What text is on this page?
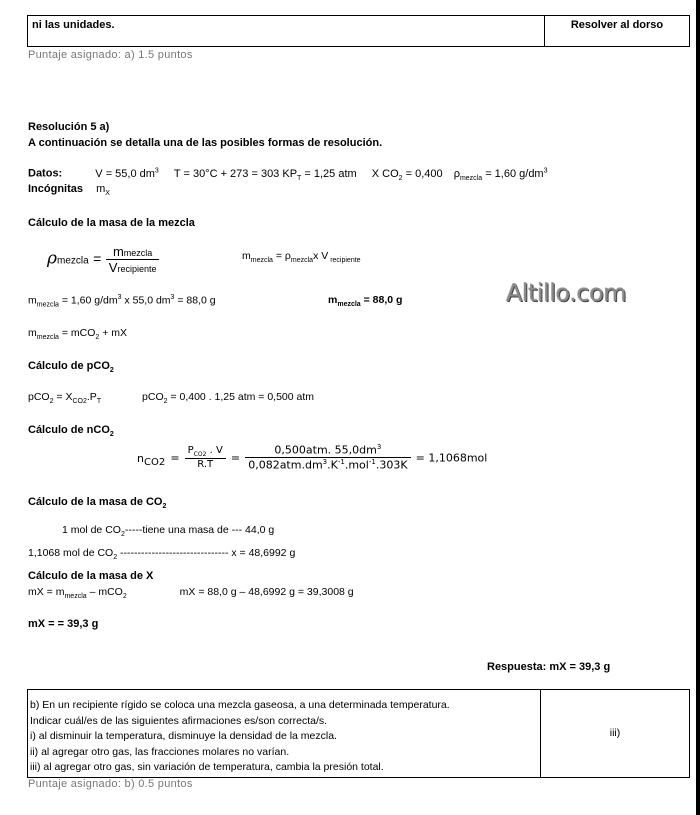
ni las unidades.	Resolver al dorso
Puntaje asignado: a) 1.5 puntos
Resolución 5 a)
A continuación se detalla una de las posibles formas de resolución.
Datos:	V = 55,0 $dm^3$ T = 30°C + 273 = 303 $KP_T = 1,25$ atm X $CO_2 = 0,400$ $\rho_{mezcla} = 1,60$ $g/dm^3$
Incógnitas $m_X$
Cálculo de la masa de la mezcla
ρmezcla = $\frac{\text{mmezcla}}{\text{Vrecipiente}}$	$m_{mezcla} = \rho_{mezcla}x$ V $_{recipiente}$
$m_{mezcla} = 1,60$ $g/dm^3$ x 55,0 $dm^3 = 88,0$ g	$m_{mezcla} = 88,0$ g	Altillo.com
$m_{mezcla} = mCO_2$ + mX
Cálculo de pCO$_2$
$pCO_2 = X_{CO2}.P_T$	pCO$_2$ = 0,400 . 1,25 atm = 0,500 atm
Cálculo de nCO$_2$
$n_{CO2} = \frac{P_{CO2} . V}{R.T} = \frac{0,500atm. 55,0dm^3}{0,082atm.dm^3.K^{-1}.mol^{-1}.303K} = 1,1068mol$
Cálculo de la masa de $CO_2$
1 mol de $CO_2----$-tiene una masa de --- 44,0 g
1,1068 mol de $CO_2$ ------------------------------- x = 48,6992 g
Cálculo de la masa de X
mX = $m_{mezcla} - mCO_2$	mX = 88,0 g – 48,6992 g = 39,3008 g
mX = = 39,3 g
Respuesta: mX = 39,3 g
b) En un recipiente rígido se coloca una mezcla gaseosa, a una determinada temperatura.
Indicar cuál/es de las siguientes afirmaciones es/son correcta/s.
i) al disminuir la temperatura, disminuye la densidad de la mezcla.
ii) al agregar otro gas, las fracciones molares no varían.
iii) al agregar otro gas, sin variación de temperatura, cambia la presión total.
	iii)
Puntaje asignado: b) 0.5 puntos
